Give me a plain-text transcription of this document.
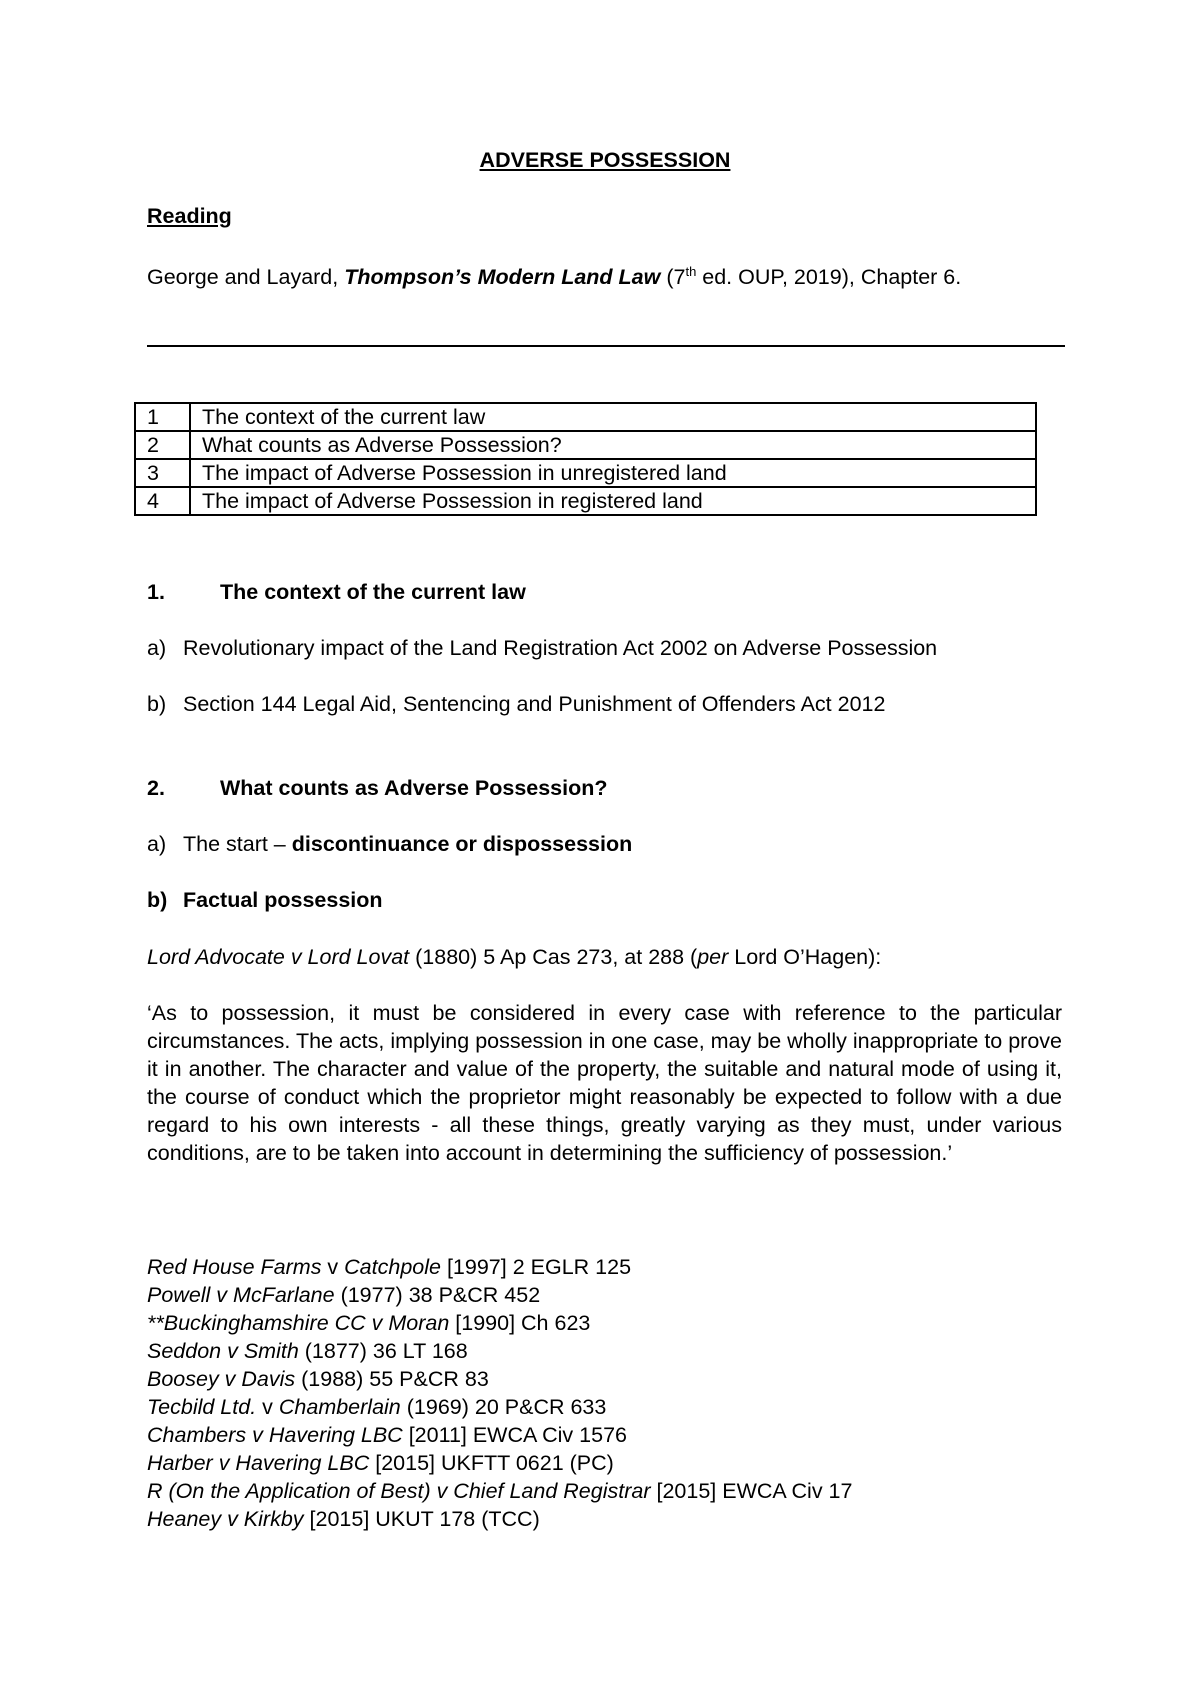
ADVERSE POSSESSION
Reading
George and Layard, Thompson’s Modern Land Law (7th ed. OUP, 2019), Chapter 6.
1	The context of the current law
2	What counts as Adverse Possession?
3	The impact of Adverse Possession in unregistered land
4	The impact of Adverse Possession in registered land
1.	The context of the current law
a) Revolutionary impact of the Land Registration Act 2002 on Adverse Possession
b) Section 144 Legal Aid, Sentencing and Punishment of Offenders Act 2012
2.	What counts as Adverse Possession?
a) The start – discontinuance or dispossession
b) Factual possession
Lord Advocate v Lord Lovat (1880) 5 Ap Cas 273, at 288 (per Lord O’Hagen):
‘As to possession, it must be considered in every case with reference to the particular circumstances. The acts, implying possession in one case, may be wholly inappropriate to prove it in another. The character and value of the property, the suitable and natural mode of using it, the course of conduct which the proprietor might reasonably be expected to follow with a due regard to his own interests - all these things, greatly varying as they must, under various conditions, are to be taken into account in determining the sufficiency of possession.’
Red House Farms v Catchpole [1997] 2 EGLR 125
Powell v McFarlane (1977) 38 P&CR 452
**Buckinghamshire CC v Moran [1990] Ch 623
Seddon v Smith (1877) 36 LT 168
Boosey v Davis (1988) 55 P&CR 83
Tecbild Ltd. v Chamberlain (1969) 20 P&CR 633
Chambers v Havering LBC [2011] EWCA Civ 1576
Harber v Havering LBC [2015] UKFTT 0621 (PC)
R (On the Application of Best) v Chief Land Registrar [2015] EWCA Civ 17
Heaney v Kirkby [2015] UKUT 178 (TCC)
